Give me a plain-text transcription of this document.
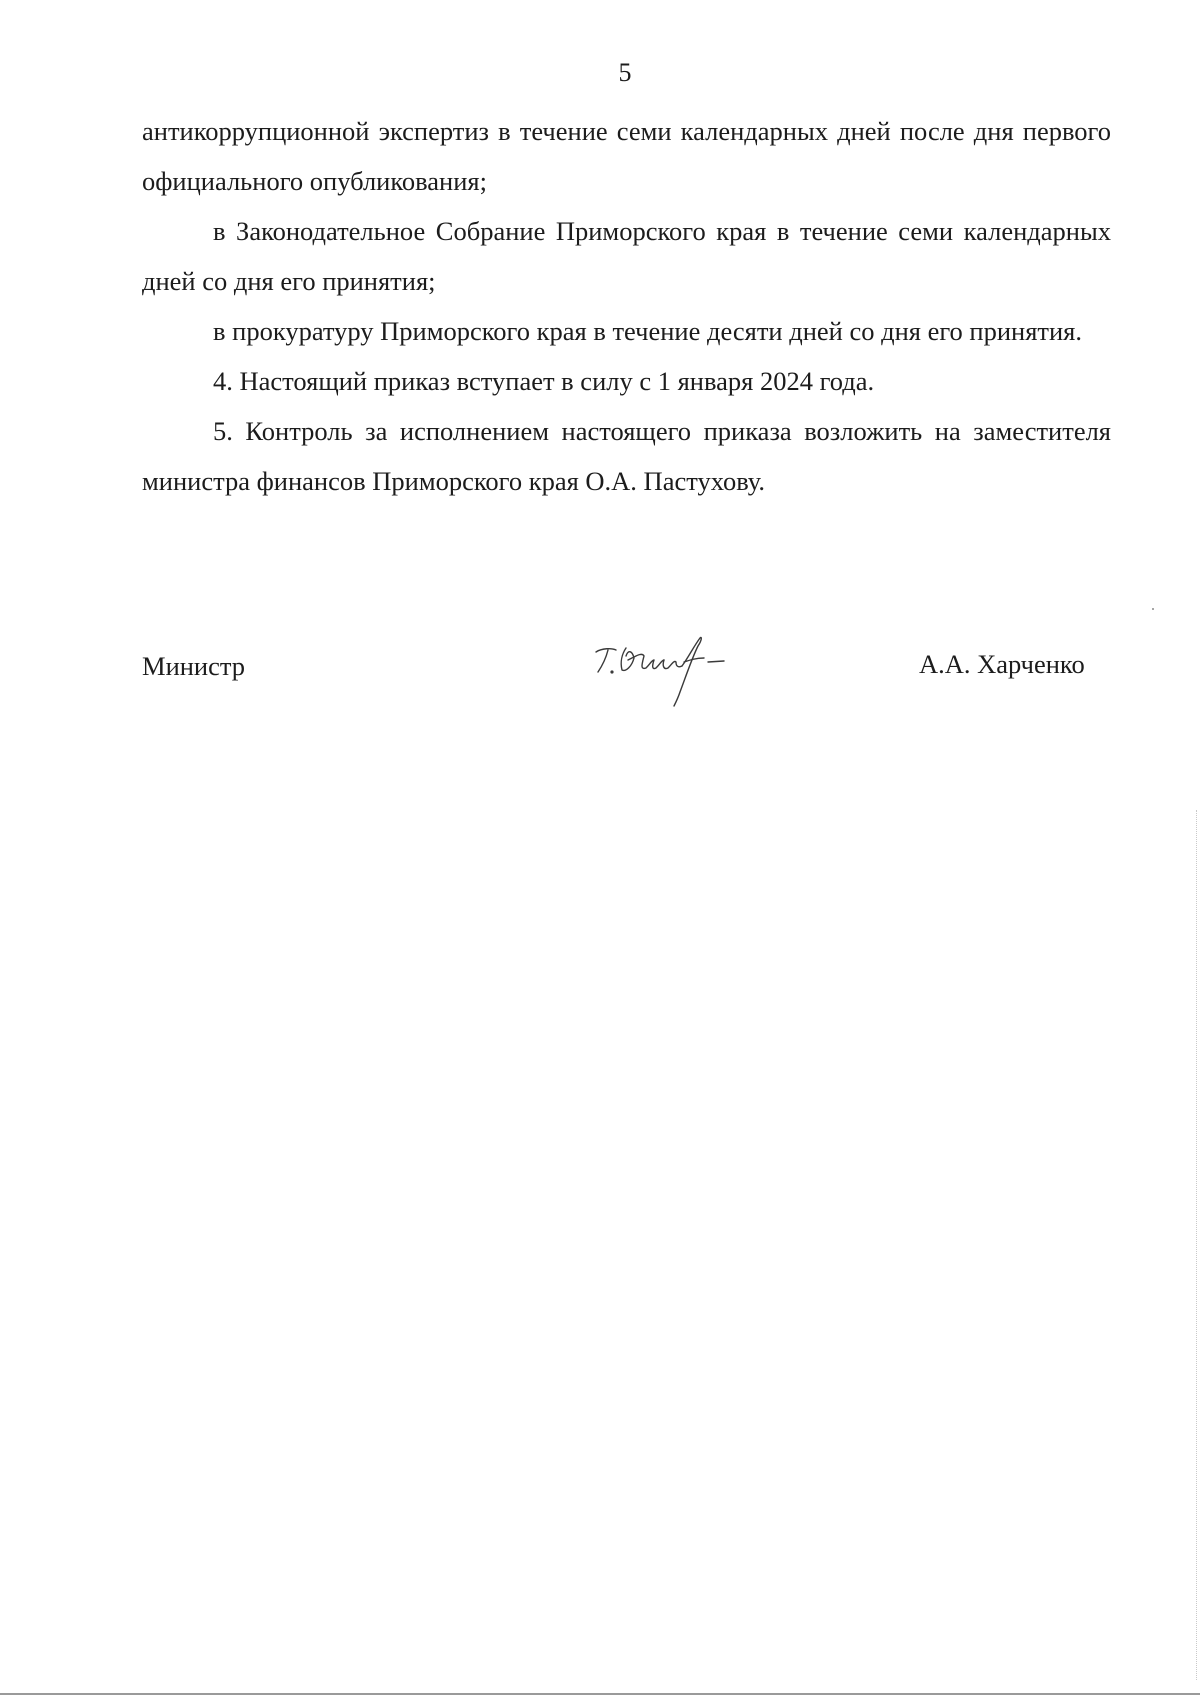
5

антикоррупционной экспертиз в течение семи календарных дней после дня первого официального опубликования;

в Законодательное Собрание Приморского края в течение семи календарных дней со дня его принятия;

в прокуратуру Приморского края в течение десяти дней со дня его принятия.

4. Настоящий приказ вступает в силу с 1 января 2024 года.

5. Контроль за исполнением настоящего приказа возложить на заместителя министра финансов Приморского края О.А. Пастухову.

Министр	А.А. Харченко
